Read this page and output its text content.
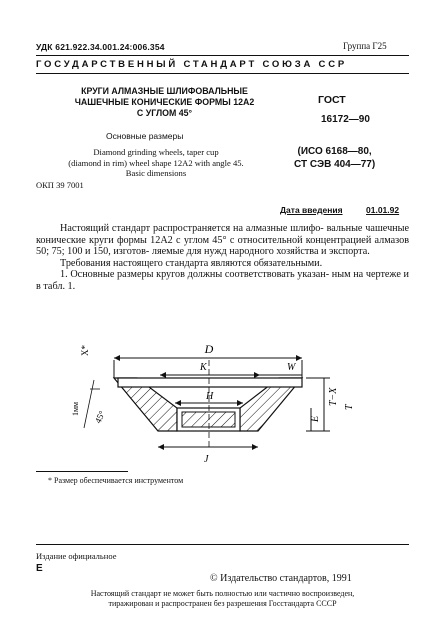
УДК 621.922.34.001.24:006.354	Группа Г25
ГОСУДАРСТВЕННЫЙ СТАНДАРТ СОЮЗА ССР
КРУГИ АЛМАЗНЫЕ ШЛИФОВАЛЬНЫЕ
ЧАШЕЧНЫЕ КОНИЧЕСКИЕ ФОРМЫ 12А2
С УГЛОМ 45°
Основные размеры
Diamond grinding wheels, taper cup
(diamond in rim) wheel shape 12A2 with angle 45.
Basic dimensions
ОКП 39 7001
ГОСТ
16172—90
(ИСО 6168—80,
СТ СЭВ 404—77)
Дата введения	01.01.92

Настоящий стандарт распространяется на алмазные шлифо- вальные чашечные конические круги формы 12А2 с углом 45° с относительной концентрацией алмазов 50; 75; 100 и 150, изготов- ляемые для нужд народного хозяйства и экспорта.

Требования настоящего стандарта являются обязательными.

1. Основные размеры кругов должны соответствовать указан- ным на чертеже и в табл. 1.

D
K	W
H
J
X*
T−X
T
E
1мм
45°
* Размер обеспечивается инструментом
Издание официальное
Е
© Издательство стандартов, 1991
Настоящий стандарт не может быть полностью или частично воспроизведен,
тиражирован и распространен без разрешения Госстандарта СССР
